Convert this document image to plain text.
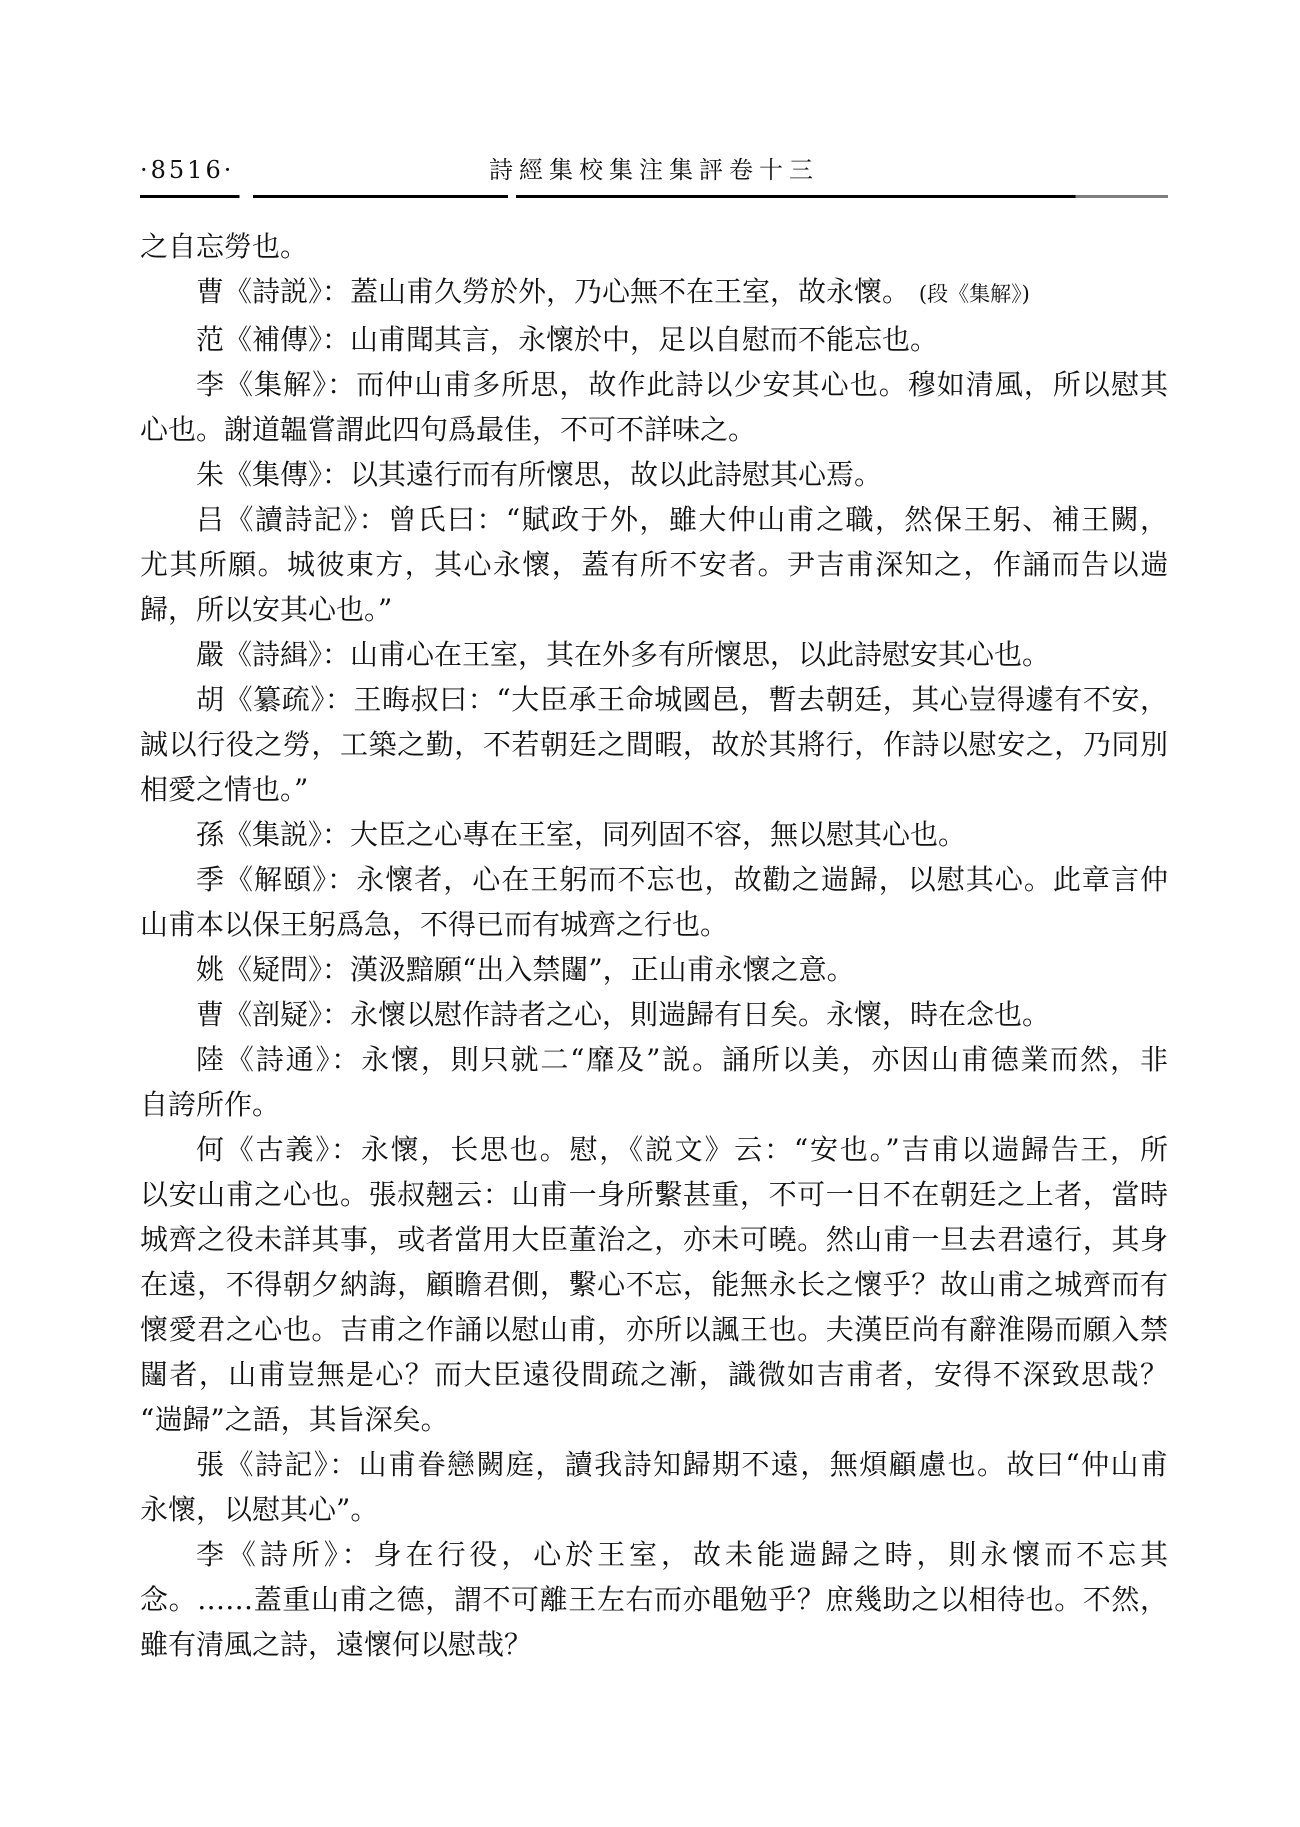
·8516·	詩經集校集注集評卷十三
之自忘勞也。
曹《詩説》：蓋山甫久勞於外，乃心無不在王室，故永懷。 (段《集解》)
范《補傳》：山甫聞其言，永懷於中，足以自慰而不能忘也。
李《集解》：而仲山甫多所思，故作此詩以少安其心也。穆如清風，所以慰其
心也。謝道韞嘗謂此四句爲最佳，不可不詳味之。
朱《集傳》：以其遠行而有所懷思，故以此詩慰其心焉。
吕《讀詩記》：曾氏曰：“賦政于外，雖大仲山甫之職，然保王躬、補王闕，
尤其所願。城彼東方，其心永懷，蓋有所不安者。尹吉甫深知之，作誦而告以遄
歸，所以安其心也。”
嚴《詩緝》：山甫心在王室，其在外多有所懷思，以此詩慰安其心也。
胡《纂疏》：王晦叔曰：“大臣承王命城國邑，暫去朝廷，其心豈得遽有不安，
誠以行役之勞，工築之勤，不若朝廷之間暇，故於其將行，作詩以慰安之，乃同別
相愛之情也。”
孫《集説》：大臣之心專在王室，同列固不容，無以慰其心也。
季《解頤》：永懷者，心在王躬而不忘也，故勸之遄歸，以慰其心。此章言仲
山甫本以保王躬爲急，不得已而有城齊之行也。
姚《疑問》：漢汲黯願“出入禁闥”，正山甫永懷之意。
曹《剖疑》：永懷以慰作詩者之心，則遄歸有日矣。永懷，時在念也。
陸《詩通》：永懷，則只就二“靡及”説。誦所以美，亦因山甫德業而然，非
自誇所作。
何《古義》：永懷，长思也。慰，《説文》云：“安也。”吉甫以遄歸告王，所
以安山甫之心也。張叔翹云：山甫一身所繫甚重，不可一日不在朝廷之上者，當時
城齊之役未詳其事，或者當用大臣董治之，亦未可曉。然山甫一旦去君遠行，其身
在遠，不得朝夕納誨，顧瞻君側，繫心不忘，能無永长之懷乎？故山甫之城齊而有
懷愛君之心也。吉甫之作誦以慰山甫，亦所以諷王也。夫漢臣尚有辭淮陽而願入禁
闥者，山甫豈無是心？而大臣遠役間疏之漸，識微如吉甫者，安得不深致思哉？
“遄歸”之語，其旨深矣。
張《詩記》：山甫眷戀闕庭，讀我詩知歸期不遠，無煩顧慮也。故曰“仲山甫
永懷，以慰其心”。
李《詩所》：身在行役，心於王室，故未能遄歸之時，則永懷而不忘其
念。……蓋重山甫之德，謂不可離王左右而亦黽勉乎？庶幾助之以相待也。不然，
雖有清風之詩，遠懷何以慰哉？
